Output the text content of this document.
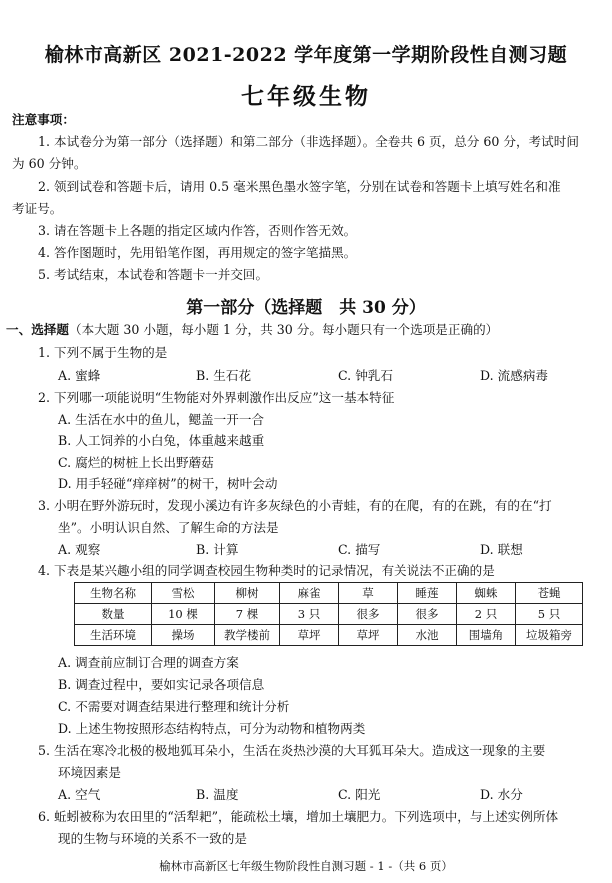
榆林市高新区 2021-2022 学年度第一学期阶段性自测习题
七年级生物
注意事项：
1. 本试卷分为第一部分（选择题）和第二部分（非选择题）。全卷共 6 页，总分 60 分，考试时间
为 60 分钟。
2. 领到试卷和答题卡后，请用 0.5 毫米黑色墨水签字笔，分别在试卷和答题卡上填写姓名和准
考证号。
3. 请在答题卡上各题的指定区域内作答，否则作答无效。
4. 答作图题时，先用铅笔作图，再用规定的签字笔描黑。
5. 考试结束，本试卷和答题卡一并交回。
第一部分（选择题　共 30 分）
一、选择题（本大题 30 小题，每小题 1 分，共 30 分。每小题只有一个选项是正确的）
1. 下列不属于生物的是
A. 蜜蜂	B. 生石花	C. 钟乳石	D. 流感病毒
2. 下列哪一项能说明“生物能对外界刺激作出反应”这一基本特征
A. 生活在水中的鱼儿，鳃盖一开一合
B. 人工饲养的小白兔，体重越来越重
C. 腐烂的树桩上长出野蘑菇
D. 用手轻碰“痒痒树”的树干，树叶会动
3. 小明在野外游玩时，发现小溪边有许多灰绿色的小青蛙，有的在爬，有的在跳，有的在“打
坐”。小明认识自然、了解生命的方法是
A. 观察	B. 计算	C. 描写	D. 联想
4. 下表是某兴趣小组的同学调查校园生物种类时的记录情况，有关说法不正确的是
生物名称	雪松	柳树	麻雀	草	睡莲	蜘蛛	苍蝇
数量	10 棵	7 棵	3 只	很多	很多	2 只	5 只
生活环境	操场	教学楼前	草坪	草坪	水池	围墙角	垃圾箱旁
A. 调查前应制订合理的调查方案
B. 调查过程中，要如实记录各项信息
C. 不需要对调查结果进行整理和统计分析
D. 上述生物按照形态结构特点，可分为动物和植物两类
5. 生活在寒冷北极的极地狐耳朵小，生活在炎热沙漠的大耳狐耳朵大。造成这一现象的主要
环境因素是
A. 空气	B. 温度	C. 阳光	D. 水分
6. 蚯蚓被称为农田里的“活犁耙”，能疏松土壤，增加土壤肥力。下列选项中，与上述实例所体
现的生物与环境的关系不一致的是
榆林市高新区七年级生物阶段性自测习题 - 1 -（共 6 页）
